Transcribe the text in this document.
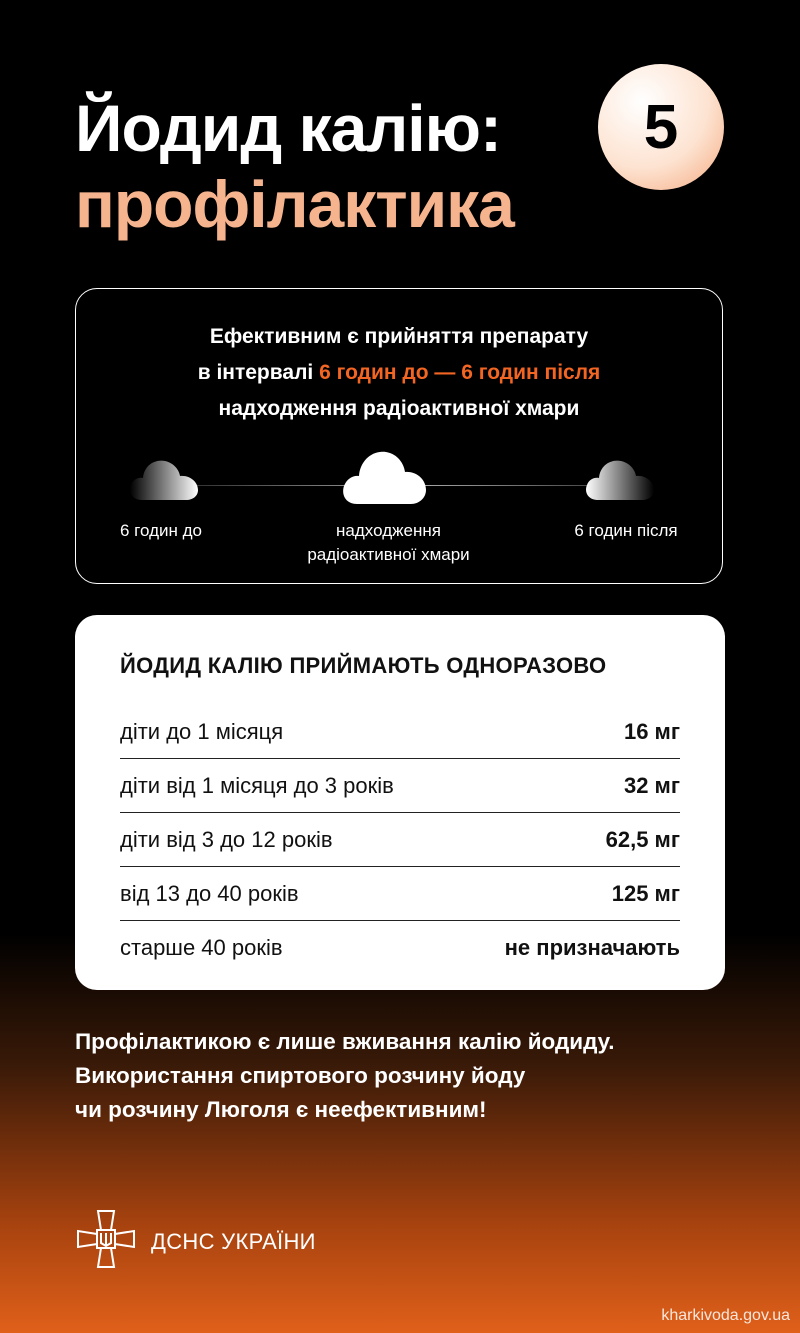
Йодид калію:
профілактика
5
Ефективним є прийняття препарату
в інтервалі 6 годин до — 6 годин після
надходження радіоактивної хмари
6 годин до	надходження
радіоактивної хмари
6 годин після
ЙОДИД КАЛІЮ ПРИЙМАЮТЬ ОДНОРАЗОВО
діти до 1 місяця	16 мг
діти від 1 місяця до 3 років	32 мг
діти від 3 до 12 років	62,5 мг
від 13 до 40 років	125 мг
старше 40 років	не призначають
Профілактикою є лише вживання калію йодиду.
Використання спиртового розчину йоду
чи розчину Люголя є неефективним!
ДСНС УКРАЇНИ
kharkivoda.gov.ua
